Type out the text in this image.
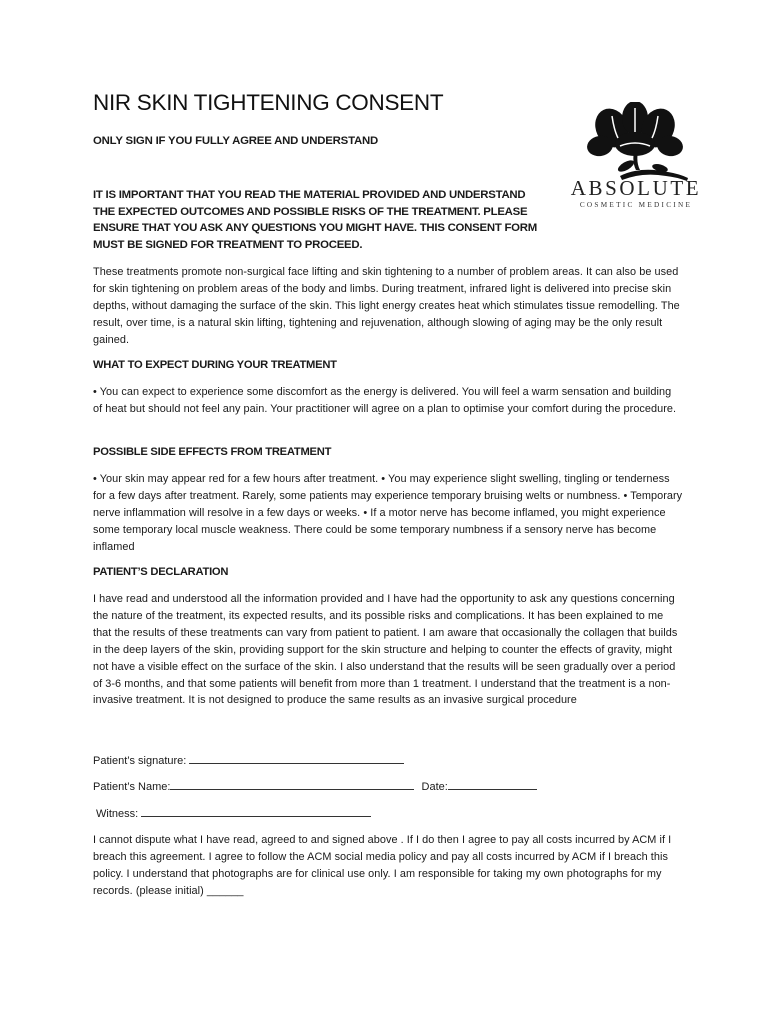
NIR SKIN TIGHTENING CONSENT

ONLY SIGN IF YOU FULLY AGREE AND UNDERSTAND

IT IS IMPORTANT THAT YOU READ THE MATERIAL PROVIDED AND UNDERSTAND THE EXPECTED OUTCOMES AND POSSIBLE RISKS OF THE TREATMENT. PLEASE ENSURE THAT YOU ASK ANY QUESTIONS YOU MIGHT HAVE. THIS CONSENT FORM MUST BE SIGNED FOR TREATMENT TO PROCEED.

ABSOLUTE
COSMETIC MEDICINE

These treatments promote non-surgical face lifting and skin tightening to a number of problem areas. It can also be used for skin tightening on problem areas of the body and limbs. During treatment, infrared light is delivered into precise skin depths, without damaging the surface of the skin. This light energy creates heat which stimulates tissue remodelling. The result, over time, is a natural skin lifting, tightening and rejuvenation, although slowing of aging may be the only result gained.

WHAT TO EXPECT DURING YOUR TREATMENT

• You can expect to experience some discomfort as the energy is delivered. You will feel a warm sensation and building of heat but should not feel any pain. Your practitioner will agree on a plan to optimise your comfort during the procedure.

POSSIBLE SIDE EFFECTS FROM TREATMENT

• Your skin may appear red for a few hours after treatment. • You may experience slight swelling, tingling or tenderness for a few days after treatment. Rarely, some patients may experience temporary bruising welts or numbness. • Temporary nerve inflammation will resolve in a few days or weeks. • If a motor nerve has become inflamed, you might experience some temporary local muscle weakness. There could be some temporary numbness if a sensory nerve has become inflamed

PATIENT’S DECLARATION

I have read and understood all the information provided and I have had the opportunity to ask any questions concerning the nature of the treatment, its expected results, and its possible risks and complications. It has been explained to me that the results of these treatments can vary from patient to patient. I am aware that occasionally the collagen that builds in the deep layers of the skin, providing support for the skin structure and helping to counter the effects of gravity, might not have a visible effect on the surface of the skin. I also understand that the results will be seen gradually over a period of 3-6 months, and that some patients will benefit from more than 1 treatment. I understand that the treatment is a non-invasive treatment. It is not designed to produce the same results as an invasive surgical procedure

Patient’s signature:
Patient’s Name:	Date:
Witness:

I cannot dispute what I have read, agreed to and signed above . If I do then I agree to pay all costs incurred by ACM if I breach this agreement. I agree to follow the ACM social media policy and pay all costs incurred by ACM if I breach this policy. I understand that photographs are for clinical use only. I am responsible for taking my own photographs for my records. (please initial) ______
